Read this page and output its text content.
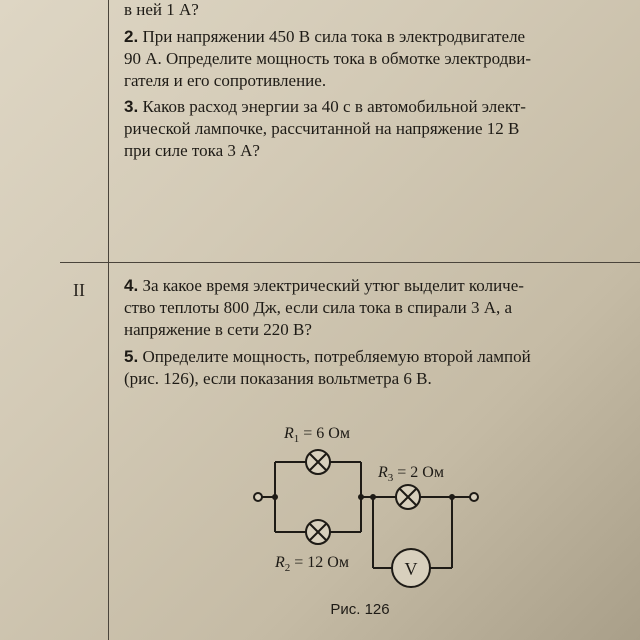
в ней 1 А?
2. При напряжении 450 В сила тока в электродвигателе
90 А. Определите мощность тока в обмотке электродви-
гателя и его сопротивление.
3. Каков расход энергии за 40 с в автомобильной элект-
рической лампочке, рассчитанной на напряжение 12 В
при силе тока 3 А?
II 4. За какое время электрический утюг выделит количе-
ство теплоты 800 Дж, если сила тока в спирали 3 А, а
напряжение в сети 220 В?
5. Определите мощность, потребляемую второй лампой
(рис. 126), если показания вольтметра 6 В.
V
$R_1 = 6$ Ом
$R_3 = 2$ Ом
$R_2 = 12$ Ом
Рис. 126
